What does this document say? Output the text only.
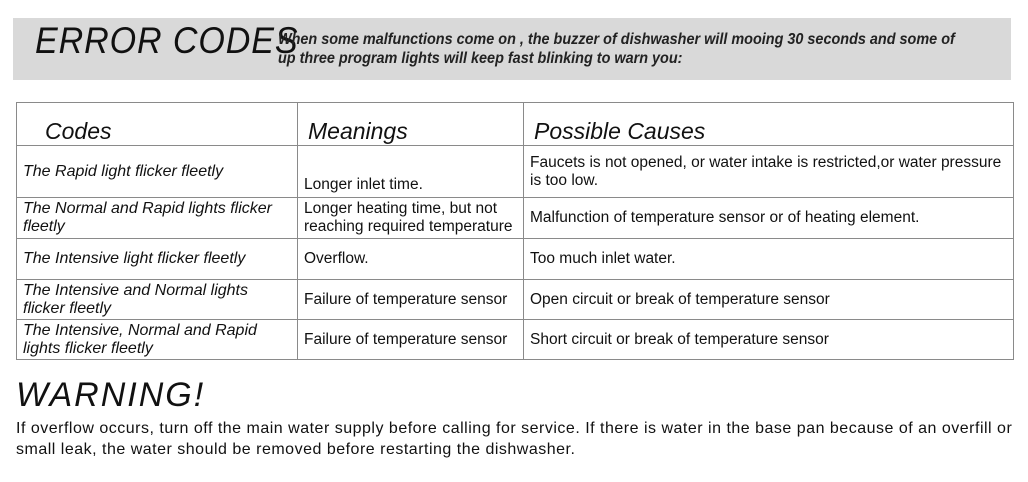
ERROR CODES
When some malfunctions come on , the buzzer of dishwasher will mooing 30 seconds and some of up three program lights will keep fast blinking to warn you:
Codes	Meanings	Possible Causes
The Rapid light flicker fleetly	Longer inlet time.	Faucets is not opened, or water intake is restricted,or water pressure is too low.
The Normal and Rapid lights flicker fleetly	Longer heating time, but not reaching required temperature	Malfunction of temperature sensor or of heating element.
The Intensive light flicker fleetly	Overflow.	Too much inlet water.
The Intensive and Normal lights flicker fleetly	Failure of temperature sensor	Open circuit or break of temperature sensor
The Intensive, Normal and Rapid lights flicker fleetly	Failure of temperature sensor	Short circuit or break of temperature sensor
WARNING!
If overflow occurs, turn off the main water supply before calling for service. If there is water in the base pan because of an overfill or small leak, the water should be removed before restarting the dishwasher.
